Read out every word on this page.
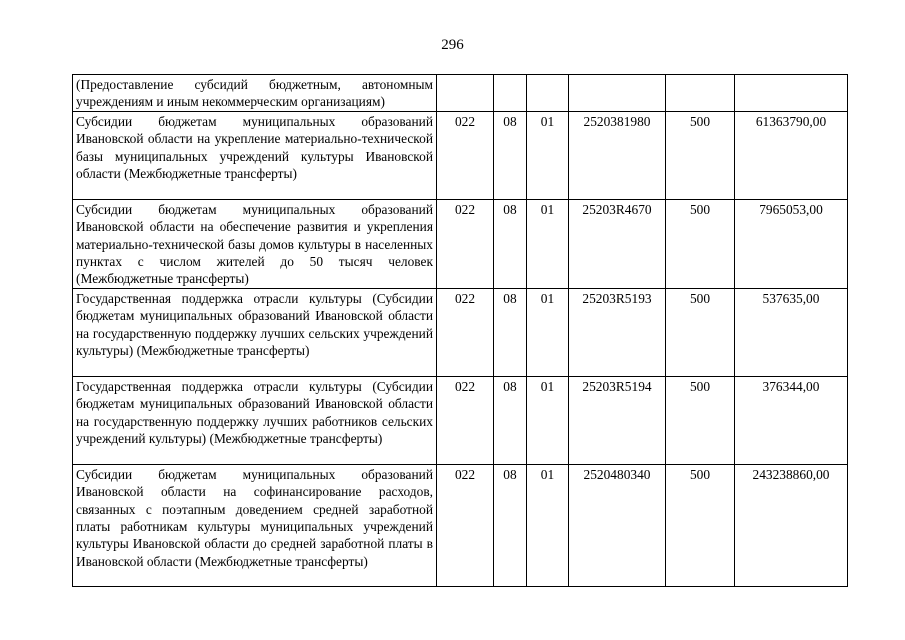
296
(Предоставление субсидий бюджетным, автономным учреждениям и иным некоммерческим организациям)						
Субсидии бюджетам муниципальных образований Ивановской области на укрепление материально-технической базы муниципальных учреждений культуры Ивановской области (Межбюджетные трансферты)	022	08	01	2520381980	500	61363790,00
Субсидии бюджетам муниципальных образований Ивановской области на обеспечение развития и укрепления материально-технической базы домов культуры в населенных пунктах с числом жителей до 50 тысяч человек (Межбюджетные трансферты)	022	08	01	25203R4670	500	7965053,00
Государственная поддержка отрасли культуры (Субсидии бюджетам муниципальных образований Ивановской области на государственную поддержку лучших сельских учреждений культуры) (Межбюджетные трансферты)	022	08	01	25203R5193	500	537635,00
Государственная поддержка отрасли культуры (Субсидии бюджетам муниципальных образований Ивановской области на государственную поддержку лучших работников сельских учреждений культуры) (Межбюджетные трансферты)	022	08	01	25203R5194	500	376344,00
Субсидии бюджетам муниципальных образований Ивановской области на софинансирование расходов, связанных с поэтапным доведением средней заработной платы работникам культуры муниципальных учреждений культуры Ивановской области до средней заработной платы в Ивановской области (Межбюджетные трансферты)	022	08	01	2520480340	500	243238860,00
